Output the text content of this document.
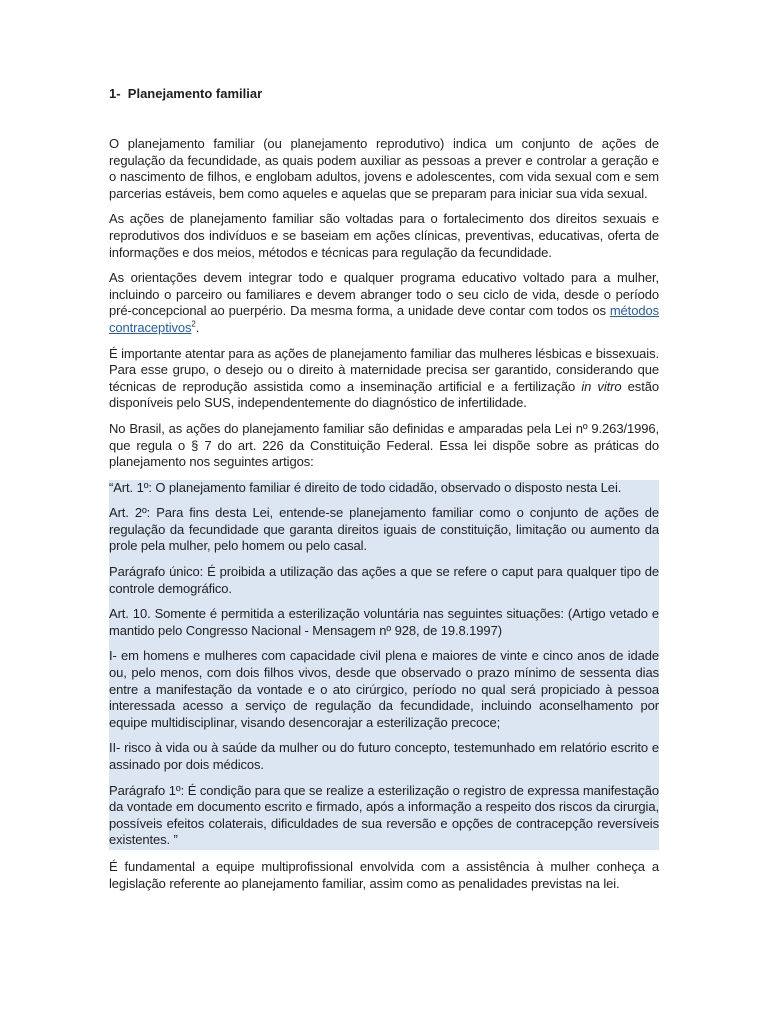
1-  Planejamento familiar

O planejamento familiar (ou planejamento reprodutivo) indica um conjunto de ações de regulação da fecundidade, as quais podem auxiliar as pessoas a prever e controlar a geração e o nascimento de filhos, e englobam adultos, jovens e adolescentes, com vida sexual com e sem parcerias estáveis, bem como aqueles e aquelas que se preparam para iniciar sua vida sexual.

As ações de planejamento familiar são voltadas para o fortalecimento dos direitos sexuais e reprodutivos dos indivíduos e se baseiam em ações clínicas, preventivas, educativas, oferta de informações e dos meios, métodos e técnicas para regulação da fecundidade.

As orientações devem integrar todo e qualquer programa educativo voltado para a mulher, incluindo o parceiro ou familiares e devem abranger todo o seu ciclo de vida, desde o período pré-concepcional ao puerpério. Da mesma forma, a unidade deve contar com todos os métodos contraceptivos$^2$.

É importante atentar para as ações de planejamento familiar das mulheres lésbicas e bissexuais. Para esse grupo, o desejo ou o direito à maternidade precisa ser garantido, considerando que técnicas de reprodução assistida como a inseminação artificial e a fertilização in vitro estão disponíveis pelo SUS, independentemente do diagnóstico de infertilidade.

No Brasil, as ações do planejamento familiar são definidas e amparadas pela Lei nº 9.263/1996, que regula o § 7 do art. 226 da Constituição Federal. Essa lei dispõe sobre as práticas do planejamento nos seguintes artigos:

“Art. 1º: O planejamento familiar é direito de todo cidadão, observado o disposto nesta Lei.

Art. 2º: Para fins desta Lei, entende-se planejamento familiar como o conjunto de ações de regulação da fecundidade que garanta direitos iguais de constituição, limitação ou aumento da prole pela mulher, pelo homem ou pelo casal.

Parágrafo único: É proibida a utilização das ações a que se refere o caput para qualquer tipo de controle demográfico.

Art. 10. Somente é permitida a esterilização voluntária nas seguintes situações: (Artigo vetado e mantido pelo Congresso Nacional - Mensagem nº 928, de 19.8.1997)

I- em homens e mulheres com capacidade civil plena e maiores de vinte e cinco anos de idade ou, pelo menos, com dois filhos vivos, desde que observado o prazo mínimo de sessenta dias entre a manifestação da vontade e o ato cirúrgico, período no qual será propiciado à pessoa interessada acesso a serviço de regulação da fecundidade, incluindo aconselhamento por equipe multidisciplinar, visando desencorajar a esterilização precoce;

II- risco à vida ou à saúde da mulher ou do futuro concepto, testemunhado em relatório escrito e assinado por dois médicos.

Parágrafo 1º: É condição para que se realize a esterilização o registro de expressa manifestação da vontade em documento escrito e firmado, após a informação a respeito dos riscos da cirurgia, possíveis efeitos colaterais, dificuldades de sua reversão e opções de contracepção reversíveis existentes. ”

É fundamental a equipe multiprofissional envolvida com a assistência à mulher conheça a legislação referente ao planejamento familiar, assim como as penalidades previstas na lei.
